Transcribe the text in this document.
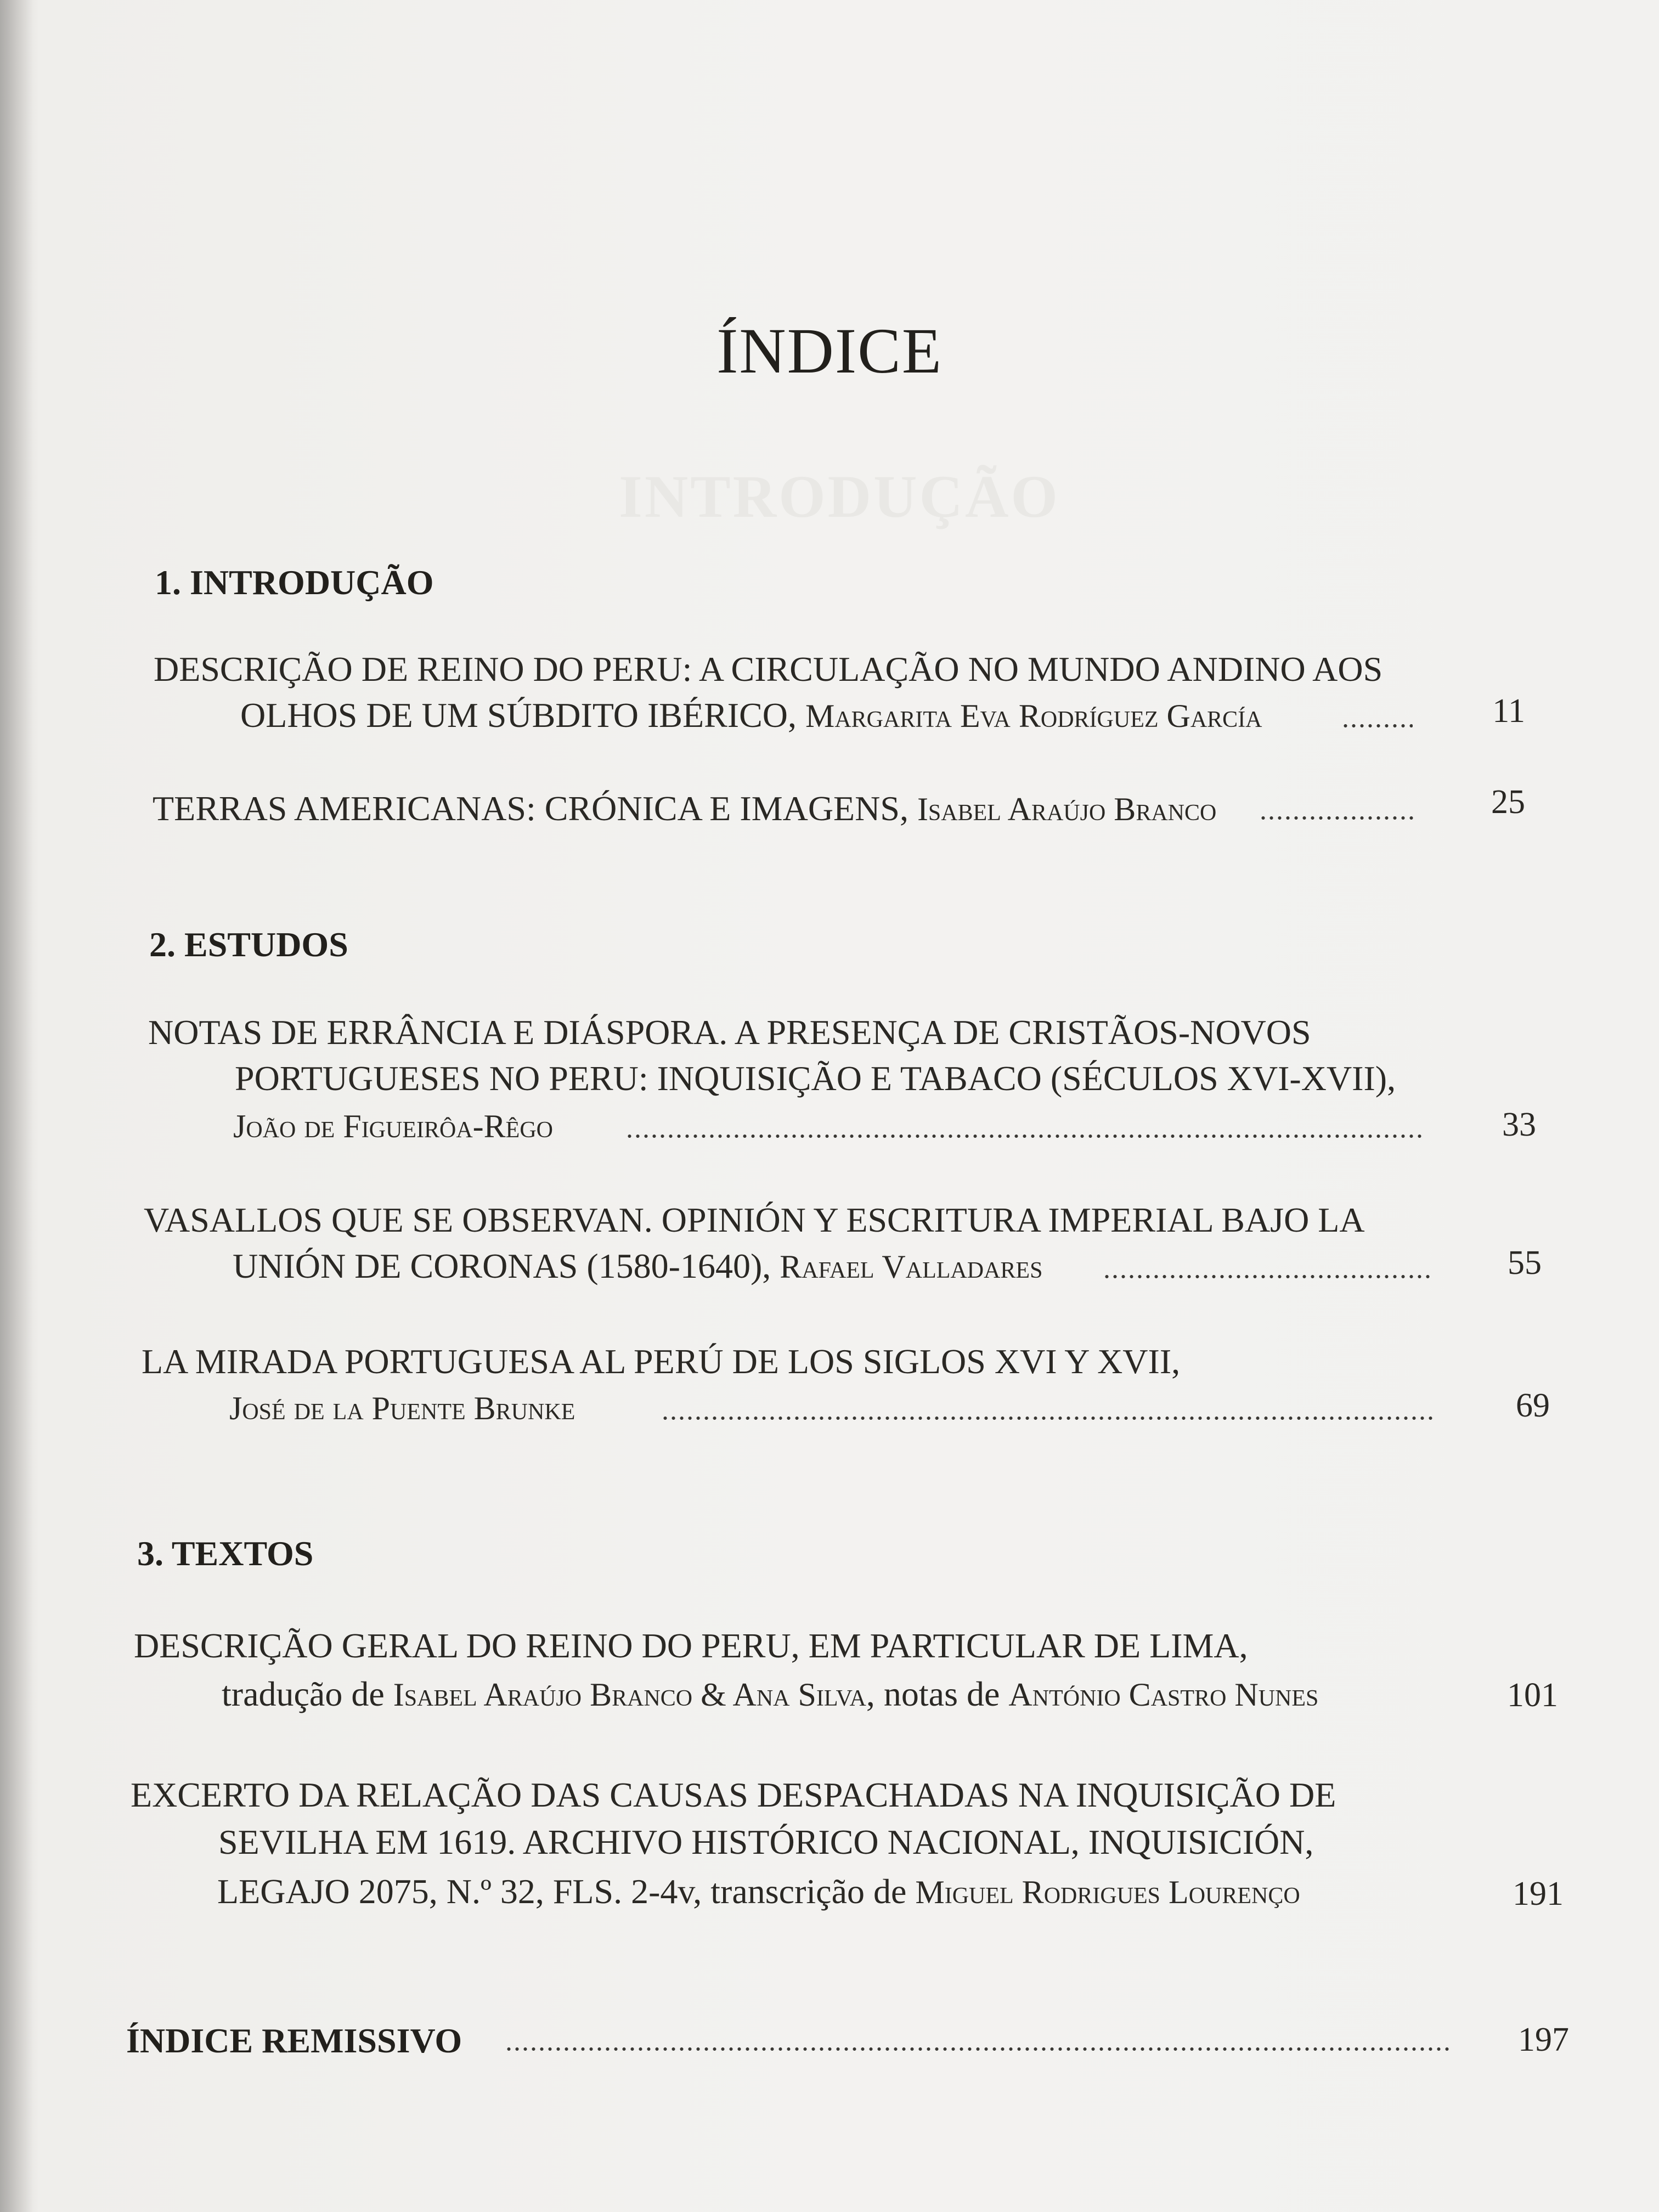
INTRODUÇÃO
ÍNDICE
1. INTRODUÇÃO
DESCRIÇÃO DE REINO DO PERU: A CIRCULAÇÃO NO MUNDO ANDINO AOS
OLHOS DE UM SÚBDITO IBÉRICO, Margarita Eva Rodríguez García	11
TERRAS AMERICANAS: CRÓNICA E IMAGENS, Isabel Araújo Branco	25
2. ESTUDOS
NOTAS DE ERRÂNCIA E DIÁSPORA. A PRESENÇA DE CRISTÃOS-NOVOS
PORTUGUESES NO PERU: INQUISIÇÃO E TABACO (SÉCULOS XVI-XVII),
João de Figueirôa-Rêgo	33
VASALLOS QUE SE OBSERVAN. OPINIÓN Y ESCRITURA IMPERIAL BAJO LA
UNIÓN DE CORONAS (1580-1640), Rafael Valladares	55
LA MIRADA PORTUGUESA AL PERÚ DE LOS SIGLOS XVI Y XVII,
José de la Puente Brunke	69
3. TEXTOS
DESCRIÇÃO GERAL DO REINO DO PERU, EM PARTICULAR DE LIMA,
tradução de Isabel Araújo Branco & Ana Silva, notas de António Castro Nunes	101
EXCERTO DA RELAÇÃO DAS CAUSAS DESPACHADAS NA INQUISIÇÃO DE
SEVILHA EM 1619. ARCHIVO HISTÓRICO NACIONAL, INQUISICIÓN,
LEGAJO 2075, N.º 32, FLS. 2-4v, transcrição de Miguel Rodrigues Lourenço	191
ÍNDICE REMISSIVO	197
